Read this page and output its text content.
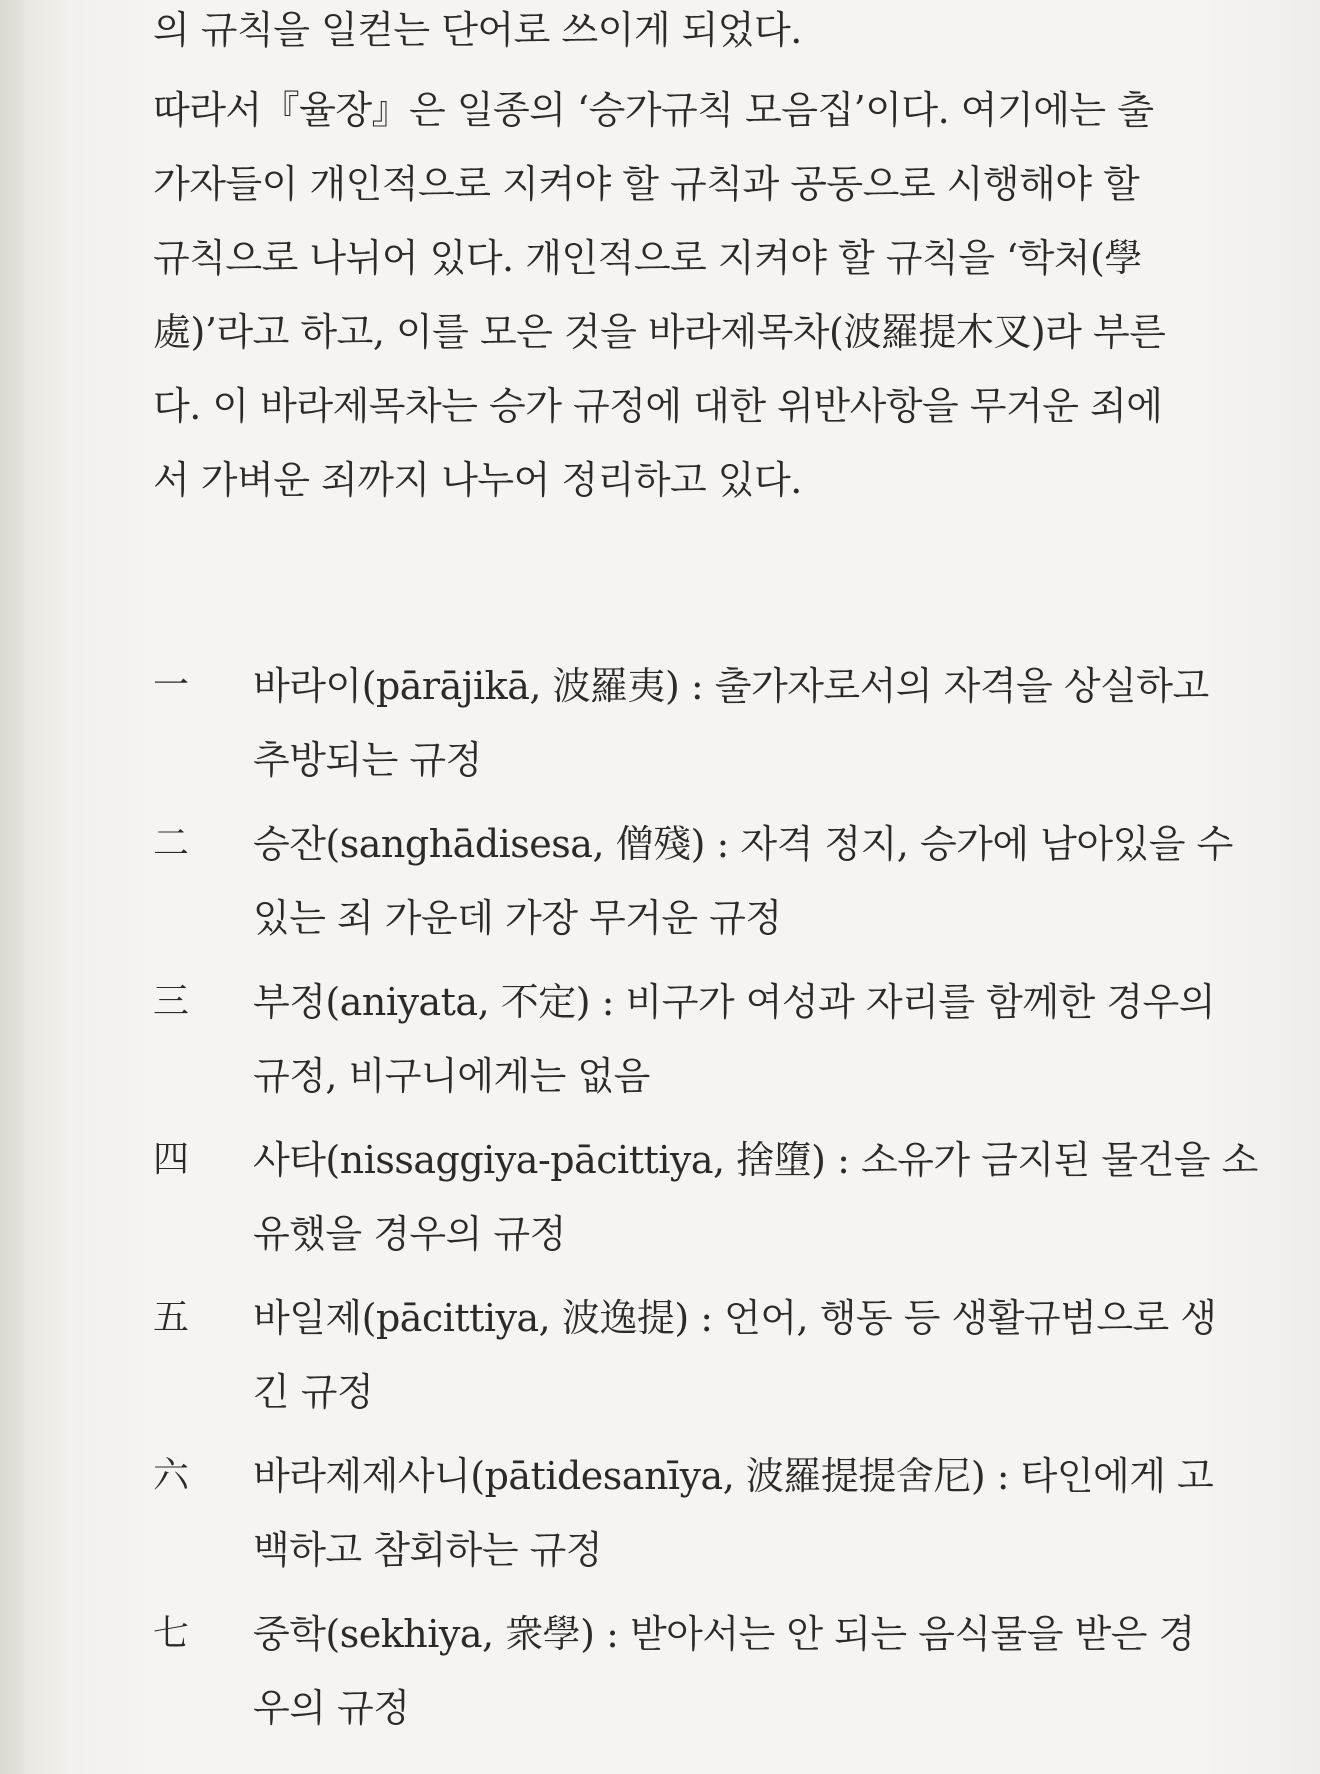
의 규칙을 일컫는 단어로 쓰이게 되었다.
따라서『율장』은 일종의 ‘승가규칙 모음집’이다. 여기에는 출
가자들이 개인적으로 지켜야 할 규칙과 공동으로 시행해야 할
규칙으로 나뉘어 있다. 개인적으로 지켜야 할 규칙을 ‘학처(學
處)’라고 하고, 이를 모은 것을 바라제목차(波羅提木叉)라 부른
다. 이 바라제목차는 승가 규정에 대한 위반사항을 무거운 죄에
서 가벼운 죄까지 나누어 정리하고 있다.
一 바라이(pārājikā, 波羅夷) : 출가자로서의 자격을 상실하고
추방되는 규정
二 승잔(sanghādisesa, 僧殘) : 자격 정지, 승가에 남아있을 수
있는 죄 가운데 가장 무거운 규정
三 부정(aniyata, 不定) : 비구가 여성과 자리를 함께한 경우의
규정, 비구니에게는 없음
四 사타(nissaggiya-pācittiya, 捨墮) : 소유가 금지된 물건을 소
유했을 경우의 규정
五 바일제(pācittiya, 波逸提) : 언어, 행동 등 생활규범으로 생
긴 규정
六 바라제제사니(pātidesanīya, 波羅提提舍尼) : 타인에게 고
백하고 참회하는 규정
七 중학(sekhiya, 衆學) : 받아서는 안 되는 음식물을 받은 경
우의 규정
